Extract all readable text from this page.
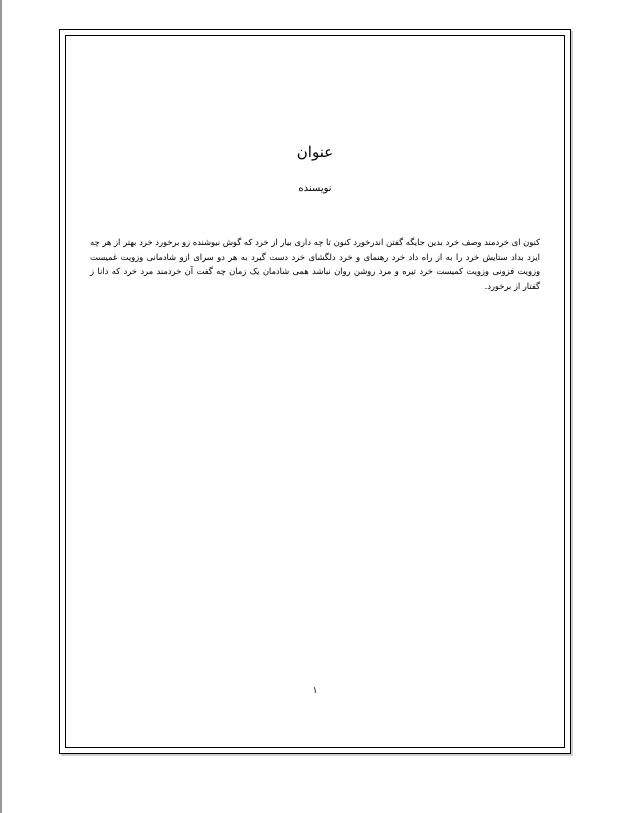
عنوان
نویسنده
کنون ای خردمند وصف خرد بدین جایگه گفتن اندرخورد کنون تا چه داری بیار از خرد که گوش نیوشنده زو برخورد خرد بهتر از هر چه ایزد بداد ستایش خرد را به از راه داد خرد رهنمای و خرد دلگشای خرد دست گیرد به هر دو سرای ازو شادمانی وزویت غمیست وزویت فزونی وزویت کمیست خرد تیره و مرد روشن روان نباشد همی شادمان یک زمان چه گفت آن خردمند مرد خرد که دانا ز گفتار از برخورد.
١
